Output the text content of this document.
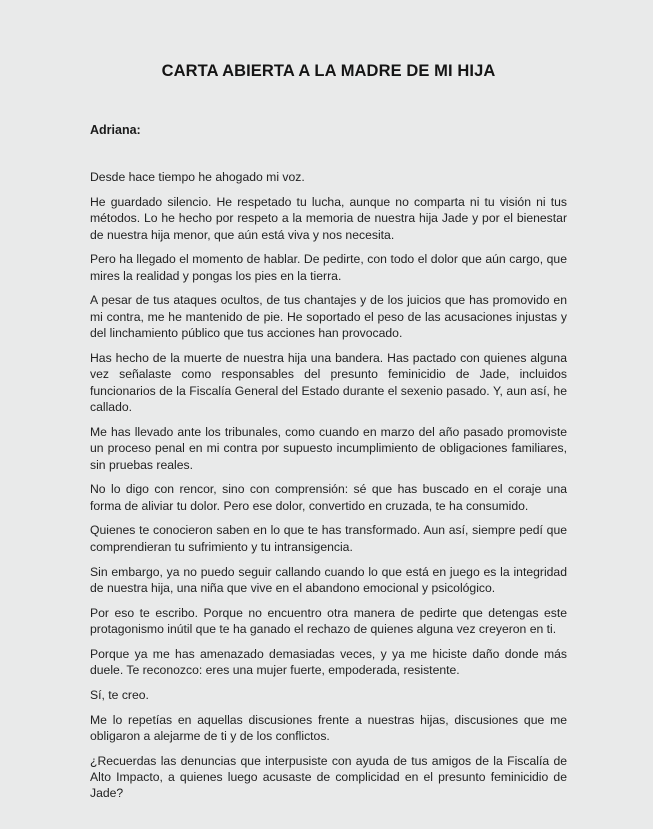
CARTA ABIERTA A LA MADRE DE MI HIJA
Adriana:

Desde hace tiempo he ahogado mi voz.

He guardado silencio. He respetado tu lucha, aunque no comparta ni tu visión ni tus métodos. Lo he hecho por respeto a la memoria de nuestra hija Jade y por el bienestar de nuestra hija menor, que aún está viva y nos necesita.

Pero ha llegado el momento de hablar. De pedirte, con todo el dolor que aún cargo, que mires la realidad y pongas los pies en la tierra.

A pesar de tus ataques ocultos, de tus chantajes y de los juicios que has promovido en mi contra, me he mantenido de pie. He soportado el peso de las acusaciones injustas y del linchamiento público que tus acciones han provocado.

Has hecho de la muerte de nuestra hija una bandera. Has pactado con quienes alguna vez señalaste como responsables del presunto feminicidio de Jade, incluidos funcionarios de la Fiscalía General del Estado durante el sexenio pasado. Y, aun así, he callado.

Me has llevado ante los tribunales, como cuando en marzo del año pasado promoviste un proceso penal en mi contra por supuesto incumplimiento de obligaciones familiares, sin pruebas reales.

No lo digo con rencor, sino con comprensión: sé que has buscado en el coraje una forma de aliviar tu dolor. Pero ese dolor, convertido en cruzada, te ha consumido.

Quienes te conocieron saben en lo que te has transformado. Aun así, siempre pedí que comprendieran tu sufrimiento y tu intransigencia.

Sin embargo, ya no puedo seguir callando cuando lo que está en juego es la integridad de nuestra hija, una niña que vive en el abandono emocional y psicológico.

Por eso te escribo. Porque no encuentro otra manera de pedirte que detengas este protagonismo inútil que te ha ganado el rechazo de quienes alguna vez creyeron en ti.

Porque ya me has amenazado demasiadas veces, y ya me hiciste daño donde más duele. Te reconozco: eres una mujer fuerte, empoderada, resistente.

Sí, te creo.

Me lo repetías en aquellas discusiones frente a nuestras hijas, discusiones que me obligaron a alejarme de ti y de los conflictos.

¿Recuerdas las denuncias que interpusiste con ayuda de tus amigos de la Fiscalía de Alto Impacto, a quienes luego acusaste de complicidad en el presunto feminicidio de Jade?
